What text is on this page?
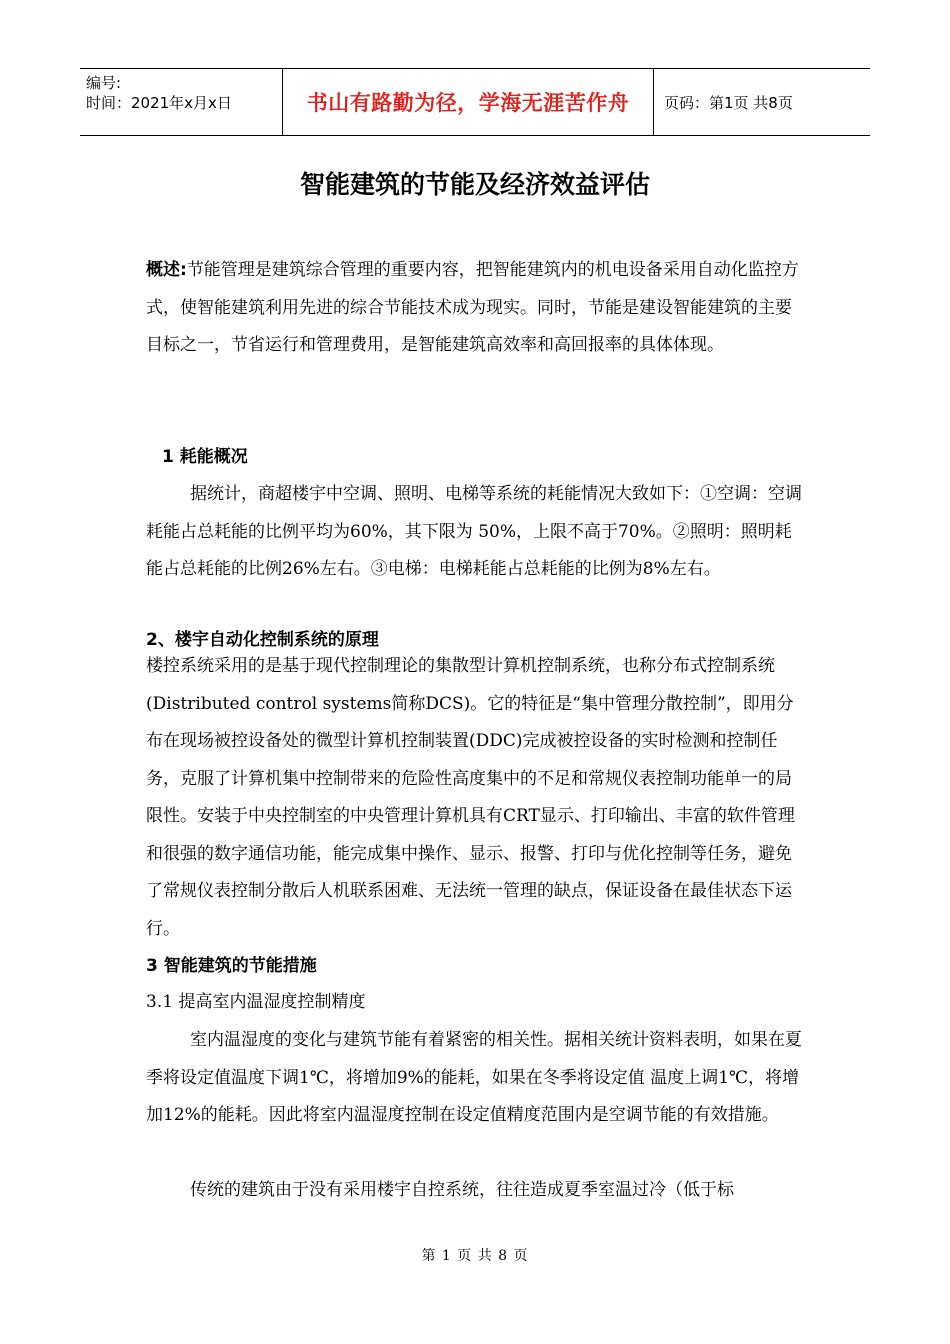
编号:
时间：2021年x月x日	书山有路勤为径，学海无涯苦作舟	页码：第1页 共8页
智能建筑的节能及经济效益评估
概述:节能管理是建筑综合管理的重要内容，把智能建筑内的机电设备采用自动化监控方式，使智能建筑利用先进的综合节能技术成为现实。同时，节能是建设智能建筑的主要目标之一，节省运行和管理费用，是智能建筑高效率和高回报率的具体体现。
1 耗能概况
据统计，商超楼宇中空调、照明、电梯等系统的耗能情况大致如下：①空调：空调耗能占总耗能的比例平均为60%，其下限为 50%，上限不高于70%。②照明：照明耗能占总耗能的比例26%左右。③电梯：电梯耗能占总耗能的比例为8%左右。
2、楼宇自动化控制系统的原理
楼控系统采用的是基于现代控制理论的集散型计算机控制系统，也称分布式控制系统(Distributed control systems简称DCS)。它的特征是“集中管理分散控制”，即用分布在现场被控设备处的微型计算机控制装置(DDC)完成被控设备的实时检测和控制任务，克服了计算机集中控制带来的危险性高度集中的不足和常规仪表控制功能单一的局限性。安装于中央控制室的中央管理计算机具有CRT显示、打印输出、丰富的软件管理和很强的数字通信功能，能完成集中操作、显示、报警、打印与优化控制等任务，避免了常规仪表控制分散后人机联系困难、无法统一管理的缺点，保证设备在最佳状态下运行。
3 智能建筑的节能措施
3.1 提高室内温湿度控制精度
室内温湿度的变化与建筑节能有着紧密的相关性。据相关统计资料表明，如果在夏季将设定值温度下调1℃，将增加9%的能耗，如果在冬季将设定值 温度上调1℃，将增加12%的能耗。因此将室内温湿度控制在设定值精度范围内是空调节能的有效措施。
传统的建筑由于没有采用楼宇自控系统，往往造成夏季室温过冷（低于标
第 1 页 共 8 页
